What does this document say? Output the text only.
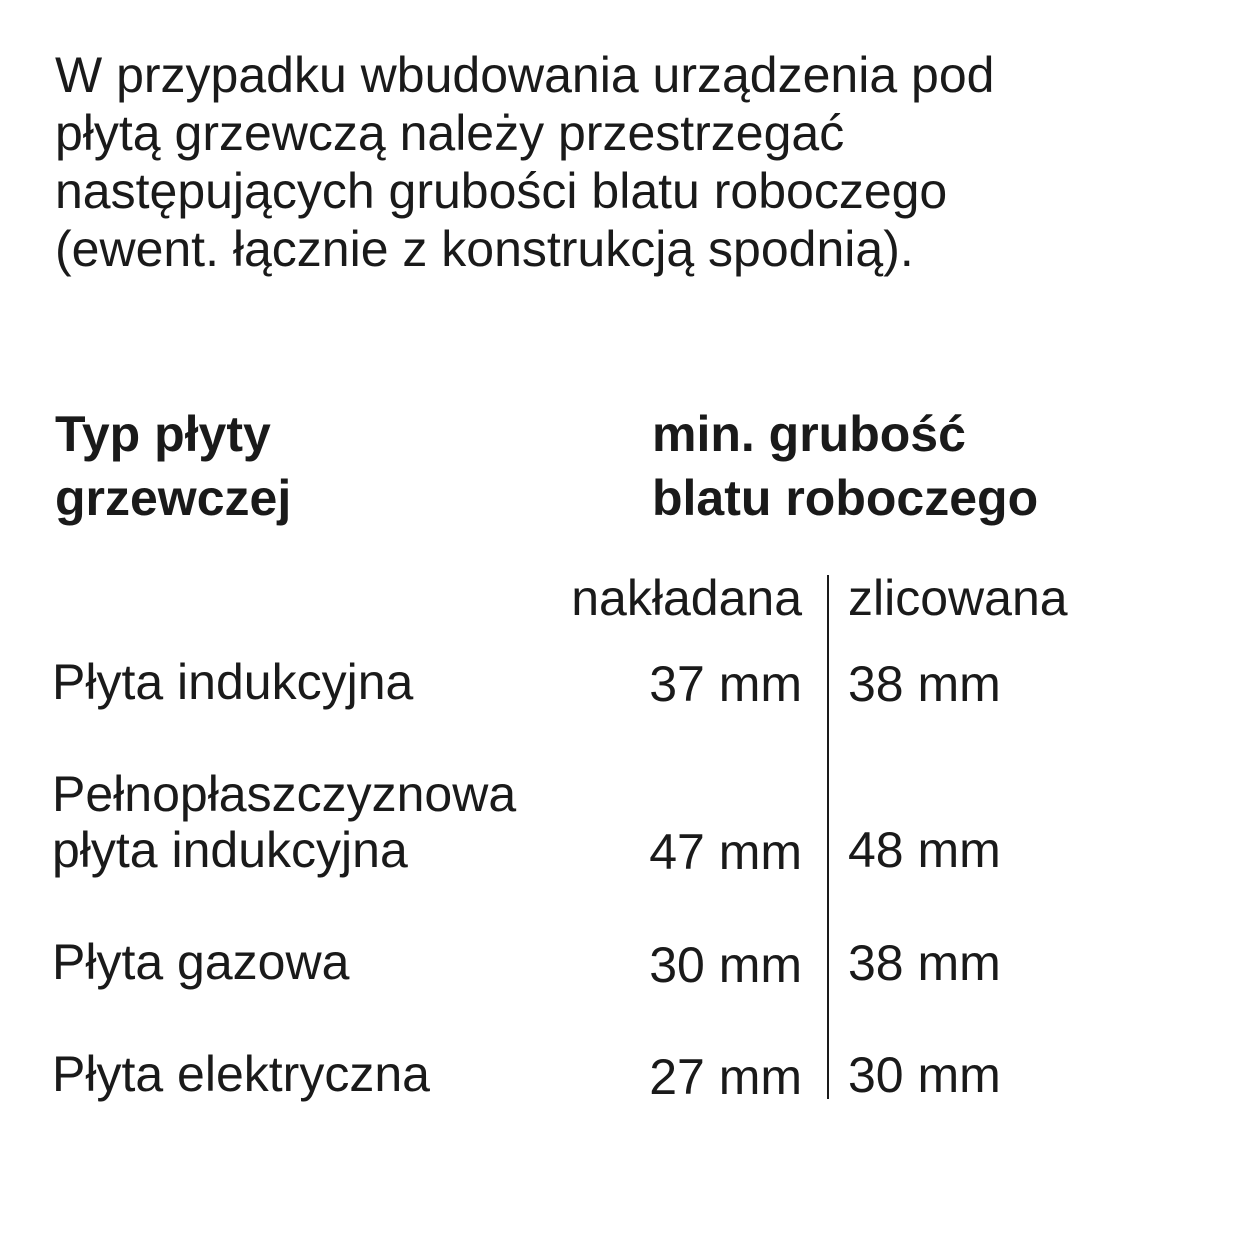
W przypadku wbudowania urządzenia pod
płytą grzewczą należy przestrzegać
następujących grubości blatu roboczego
(ewent. łącznie z konstrukcją spodnią).

Typ płyty
grzewczej
min. grubość
blatu roboczego
nakładana zlicowana
Płyta indukcyjna	37 mm 38 mm
Pełnopłaszczyznowa
płyta indukcyjna	47 mm 48 mm
Płyta gazowa	30 mm 38 mm
Płyta elektryczna	27 mm 30 mm
